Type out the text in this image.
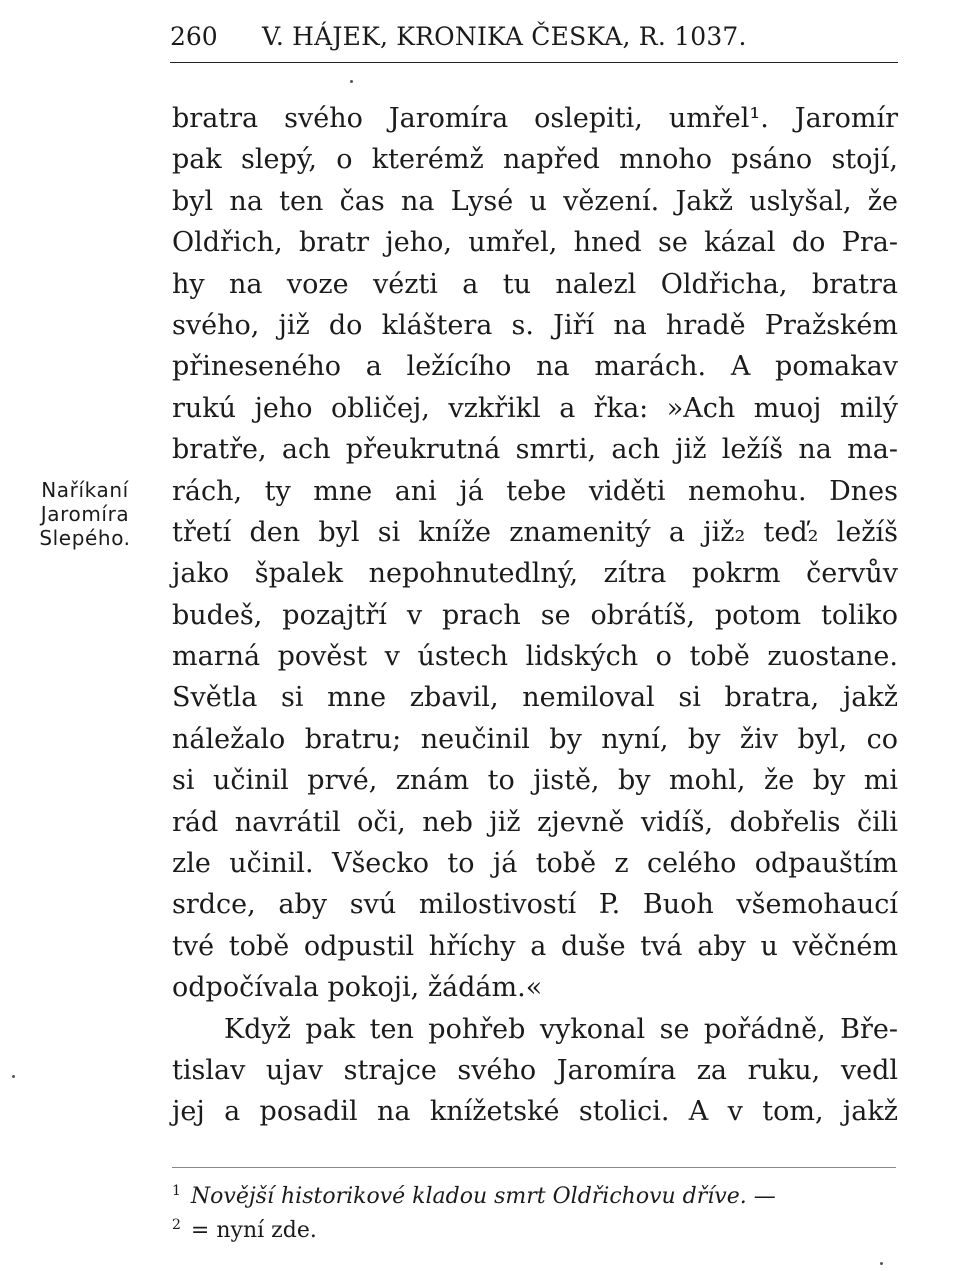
260 V. HÁJEK, KRONIKA ČESKA, R. 1037.
Naříkaní
Jaromíra
Slepého.
bratra svého Jaromíra oslepiti, umřel¹. Jaromír
pak slepý, o kterémž napřed mnoho psáno stojí,
byl na ten čas na Lysé u vězení. Jakž uslyšal, že
Oldřich, bratr jeho, umřel, hned se kázal do Pra-
hy na voze vézti a tu nalezl Oldřicha, bratra
svého, již do kláštera s. Jiří na hradě Pražském
přineseného a ležícího na marách. A pomakav
rukú jeho obličej, vzkřikl a řka: »Ach muoj milý
bratře, ach přeukrutná smrti, ach již ležíš na ma-
rách, ty mne ani já tebe viděti nemohu. Dnes
třetí den byl si kníže znamenitý a již₂ teď₂ ležíš
jako špalek nepohnutedlný, zítra pokrm červův
budeš, pozajtří v prach se obrátíš, potom toliko
marná pověst v ústech lidských o tobě zuostane.
Světla si mne zbavil, nemiloval si bratra, jakž
náležalo bratru; neučinil by nyní, by živ byl, co
si učinil prvé, znám to jistě, by mohl, že by mi
rád navrátil oči, neb již zjevně vidíš, dobřelis čili
zle učinil. Všecko to já tobě z celého odpauštím
srdce, aby svú milostivostí P. Buoh všemohaucí
tvé tobě odpustil hříchy a duše tvá aby u věčném
odpočívala pokoji, žádám.«
Když pak ten pohřeb vykonal se pořádně, Bře-
tislav ujav strajce svého Jaromíra za ruku, vedl
jej a posadil na knížetské stolici. A v tom, jakž
$^1$ Novější historikové kladou smrt Oldřichovu dříve. —
$^2$ = nyní zde.
